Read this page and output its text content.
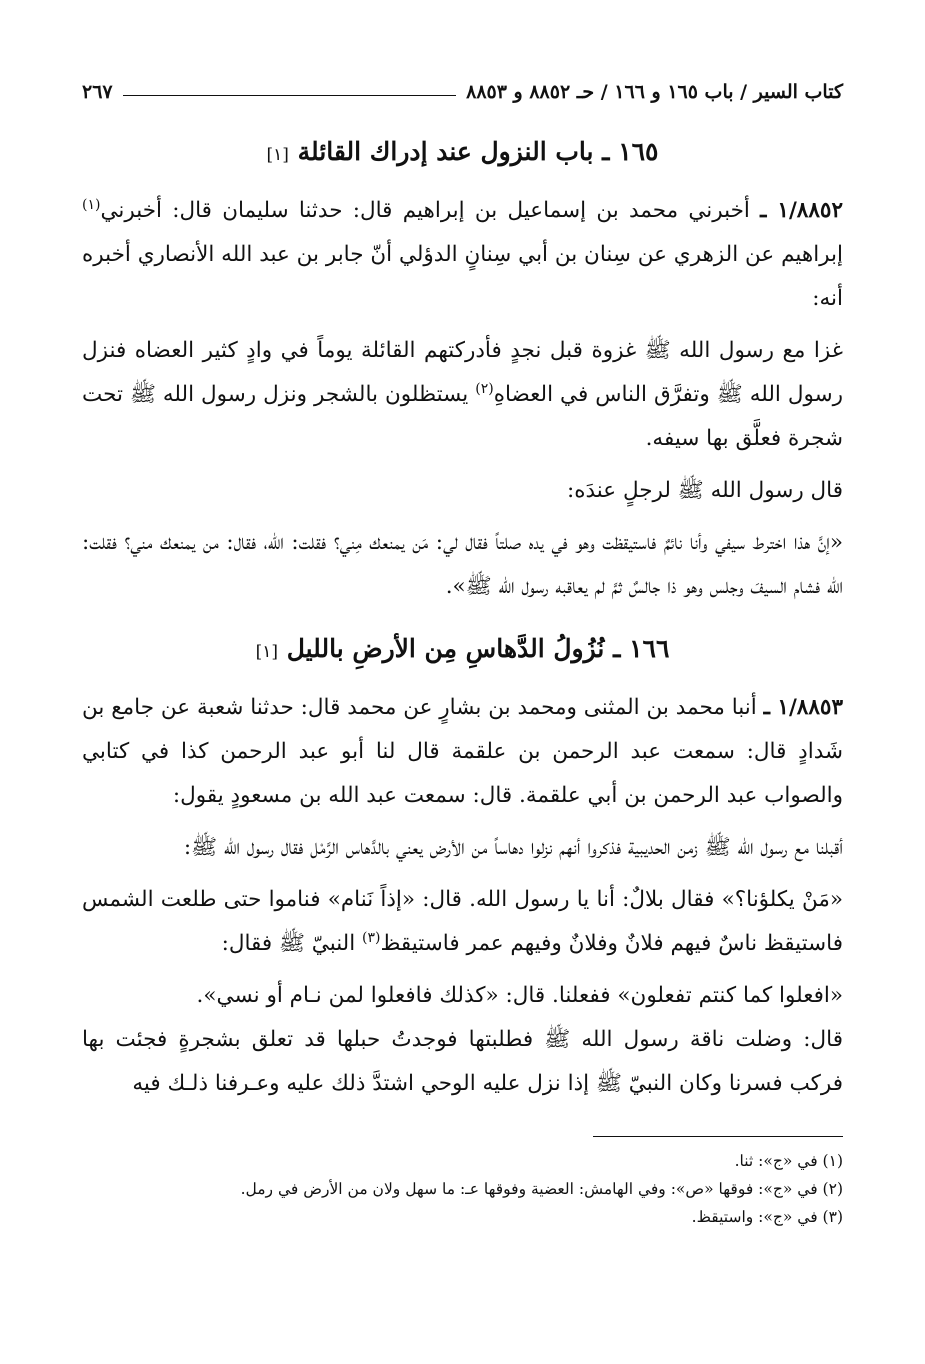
كتاب السير / باب ١٦٥ و ١٦٦ / حـ ٨٨٥٢ و ٨٨٥٣
٢٦٧
١٦٥ ـ باب النزول عند إدراك القائلة [١]

١/٨٨٥٢ ـ أخبرني محمد بن إسماعيل بن إبراهيم قال: حدثنا سليمان قال: أخبرني$^{(١)}$ إبراهيم عن الزهري عن سِنان بن أبي سِنانٍ الدؤلي أنّ جابر بن عبد الله الأنصاري أخبره أنه:

غزا مع رسول الله ﷺ غزوة قبل نجدٍ فأدركتهم القائلة يوماً في وادٍ كثير العضاه فنزل رسول الله ﷺ وتفرَّق الناس في العضاهِ$^{(٢)}$ يستظلون بالشجر ونزل رسول الله ﷺ تحت شجرة فعلَّق بها سيفه.

قال رسول الله ﷺ لرجلٍ عندَه:

«إنَّ هذا اخترط سيفي وأنا نائمٌ فاستيقظت وهو في يده صلتاً فقال لي: مَن يمنعك مِني؟ فقلت: الله، فقال: من يمنعك مني؟ فقلت: الله فشام السيفَ وجلس وهو ذا جالسٌ ثمَّ لم يعاقبه رسول الله ﷺ».

١٦٦ ـ نُزُولُ الدَّهاسِ مِن الأرضِ بالليل [١]

١/٨٨٥٣ ـ أنبا محمد بن المثنى ومحمد بن بشارٍ عن محمد قال: حدثنا شعبة عن جامع بن شَدادٍ قال: سمعت عبد الرحمن بن علقمة قال لنا أبو عبد الرحمن كذا في كتابي والصواب عبد الرحمن بن أبي علقمة. قال: سمعت عبد الله بن مسعودٍ يقول:

أقبلنا مع رسول الله ﷺ زمن الحديبية فذكروا أنهم نزلوا دهاساً من الأرض يعني بالدَّهاس الرَّمْل فقال رسول الله ﷺ:

«مَنْ يكلؤنا؟» فقال بلالٌ: أنا يا رسول الله. قال: «إذاً نَنام» فناموا حتى طلعت الشمس فاستيقظ ناسٌ فيهم فلانٌ وفلانٌ وفيهم عمر فاستيقظ$^{(٣)}$ النبيّ ﷺ فقال:

«افعلوا كما كنتم تفعلون» ففعلنا. قال: «كذلك فافعلوا لمن نـام أو نسي».

قال: وضلت ناقة رسول الله ﷺ فطلبتها فوجدتُ حبلها قد تعلق بشجرةٍ فجئت بها فركب فسرنا وكان النبيّ ﷺ إذا نزل عليه الوحي اشتدَّ ذلك عليه وعـرفنا ذلـك فيه

(١) في «ج»: ثنا.

(٢) في «ج»: فوقها «ص»: وفي الهامش: العضية وفوقها عـ: ما سهل ولان من الأرض في رمل.

(٣) في «ج»: واستيقظ.
